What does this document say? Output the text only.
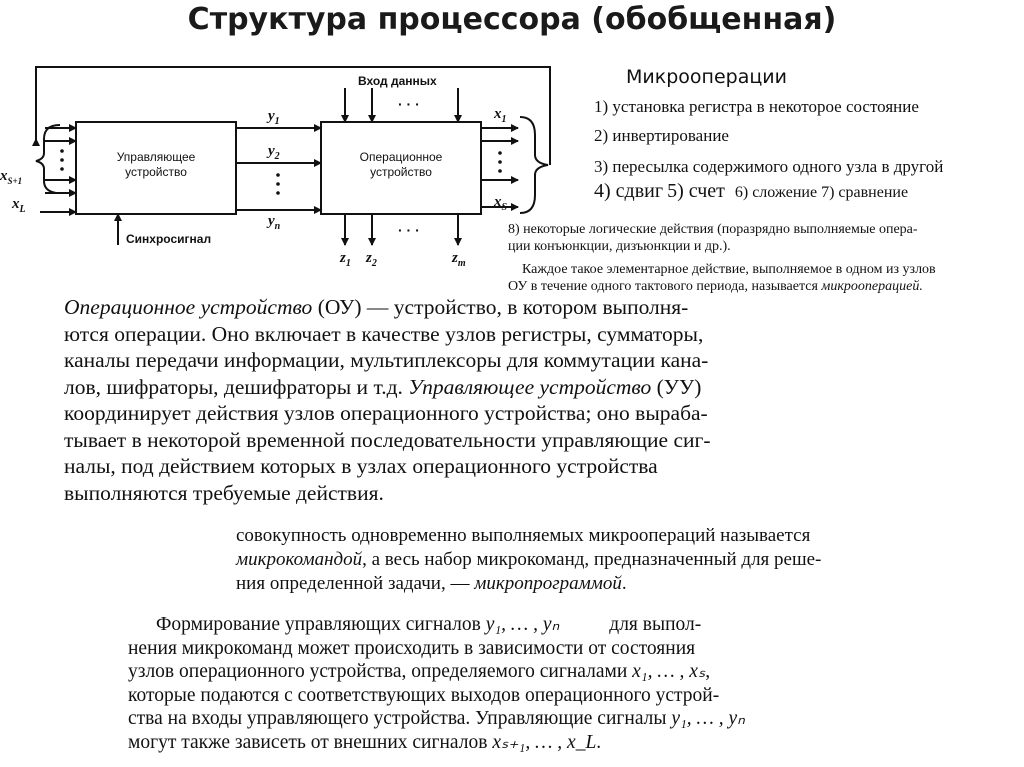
Структура процессора (обобщенная)
Вход данных
· · ·
· · ·
Управляющее устройство
Операционное устройство
Синхросигнал
$y_1$
$y_2$
$y_n$
$x_1$
$x_S$
$x_{S+1}$
$x_L$
$z_1$ $z_2$	$z_m$
Микрооперации
1) установка регистра в некоторое состояние
2) инвертирование
3) пересылка содержимого одного узла в другой
4) сдвиг 5) счет 6) сложение 7) сравнение
8) некоторые логические действия (поразрядно выполняемые опера-
ции конъюнкции, дизъюнкции и др.).
Каждое такое элементарное действие, выполняемое в одном из узлов
ОУ в течение одного тактового периода, называется микрооперацией.
Операционное устройство (ОУ) — устройство, в котором выполня-
ются операции. Оно включает в качестве узлов регистры, сумматоры,
каналы передачи информации, мультиплексоры для коммутации кана-
лов, шифраторы, дешифраторы и т.д. Управляющее устройство (УУ)
координирует действия узлов операционного устройства; оно выраба-
тывает в некоторой временной последовательности управляющие сиг-
налы, под действием которых в узлах операционного устройства
выполняются требуемые действия.
совокупность одновременно выполняемых микроопераций называется
микрокомандой, а весь набор микрокоманд, предназначенный для реше-
ния определенной задачи, — микропрограммой.
Формирование управляющих сигналов y₁, … , yₙ	для выпол-
нения микрокоманд может происходить в зависимости от состояния
узлов операционного устройства, определяемого сигналами x₁, … , xₛ,
которые подаются с соответствующих выходов операционного устрой-
ства на входы управляющего устройства. Управляющие сигналы y₁, … , yₙ
могут также зависеть от внешних сигналов xₛ₊₁, … , x_L.
